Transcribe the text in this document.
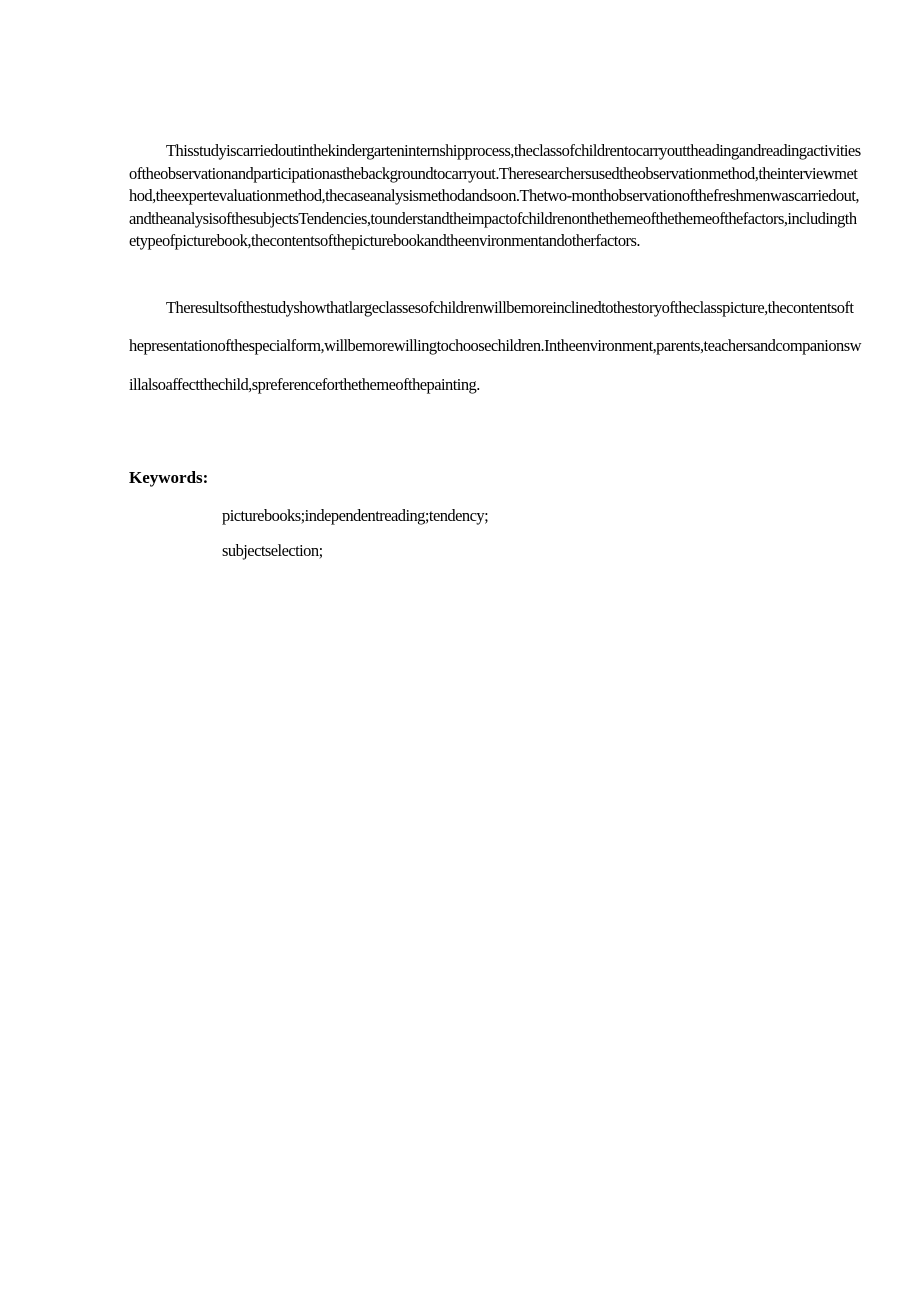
Thisstudyiscarriedoutinthekindergarteninternshipprocess,theclassofchildrentocarryouttheadingandreadingactivitiesoftheobservationandparticipationasthebackgroundtocarryout.Theresearchersusedtheobservationmethod,theinterviewmethod,theexpertevaluationmethod,thecaseanalysismethodandsoon.Thetwo-monthobservationofthefreshmenwascarriedout,andtheanalysisofthesubjectsTendencies,tounderstandtheimpactofchildrenonthethemeofthethemeofthefactors,includingthetypeofpicturebook,thecontentsofthepicturebookandtheenvironmentandotherfactors.

Theresultsofthestudyshowthatlargeclassesofchildrenwillbemoreinclinedtothestoryoftheclasspicture,thecontentsofthepresentationofthespecialform,willbemorewillingtochoosechildren.Intheenvironment,parents,teachersandcompanionswillalsoaffectthechild,spreferenceforthethemeofthepainting.

Keywords:

picturebooks;independentreading;tendency;

subjectselection;
